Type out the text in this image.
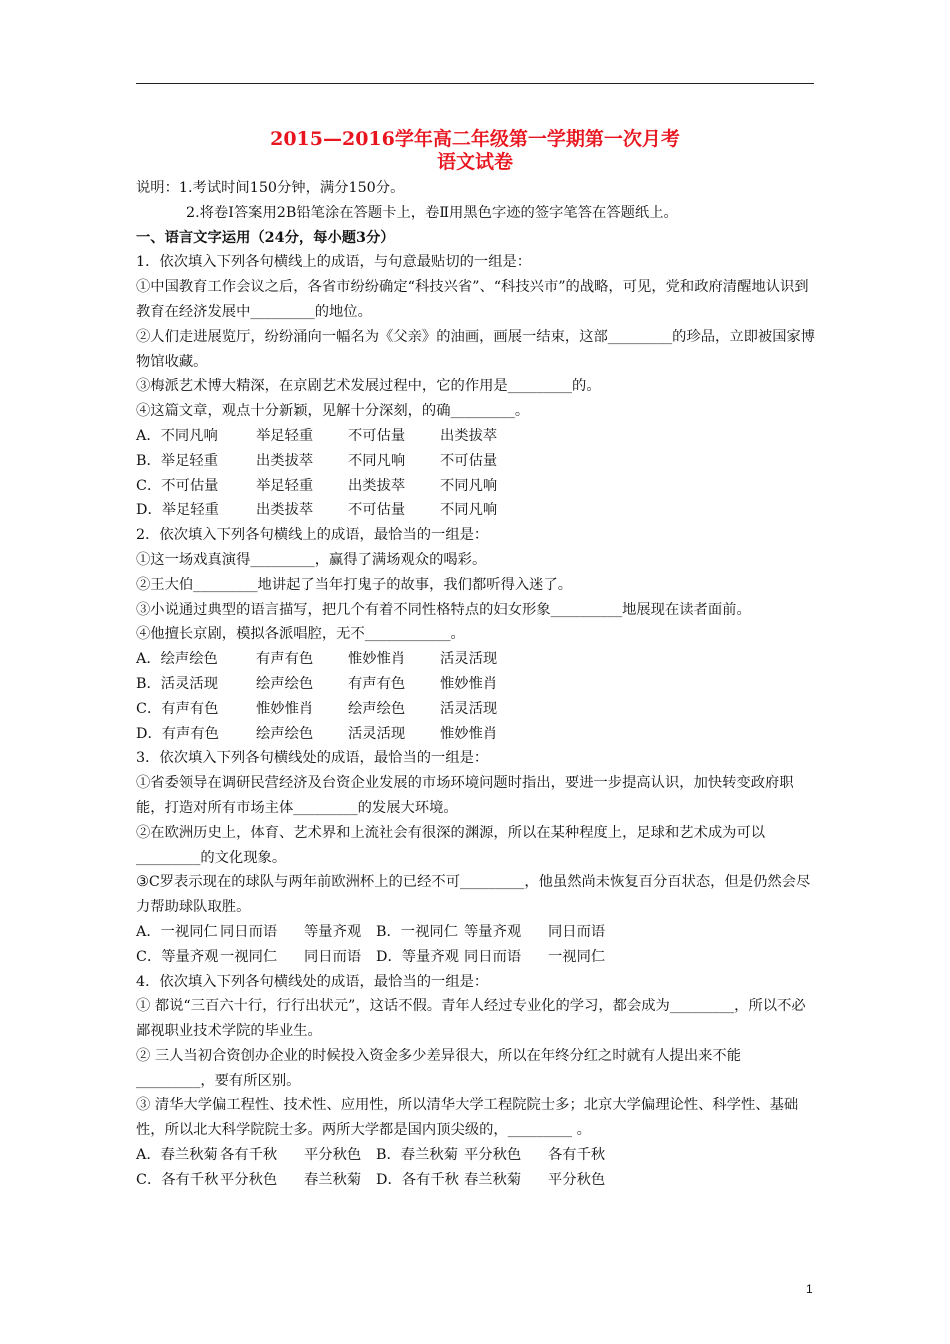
2015—2016学年高二年级第一学期第一次月考
语文试卷
说明：1.考试时间150分钟，满分150分。
2.将卷Ⅰ答案用2B铅笔涂在答题卡上，卷Ⅱ用黑色字迹的签字笔答在答题纸上。
一、语言文字运用（24分，每小题3分）
1．依次填入下列各句横线上的成语，与句意最贴切的一组是：
①中国教育工作会议之后，各省市纷纷确定“科技兴省”、“科技兴市”的战略，可见，党和政府清醒地认识到教育在经济发展中_________的地位。
②人们走进展览厅，纷纷涌向一幅名为《父亲》的油画，画展一结束，这部_________的珍品，立即被国家博物馆收藏。
③梅派艺术博大精深，在京剧艺术发展过程中，它的作用是_________的。
④这篇文章，观点十分新颖，见解十分深刻，的确_________。
A．不同凡响	举足轻重	不可估量	出类拔萃
B．举足轻重	出类拔萃	不同凡响	不可估量
C．不可估量	举足轻重	出类拔萃	不同凡响
D．举足轻重	出类拔萃	不可估量	不同凡响
2．依次填入下列各句横线上的成语，最恰当的一组是：
①这一场戏真演得_________，赢得了满场观众的喝彩。
②王大伯_________地讲起了当年打鬼子的故事，我们都听得入迷了。
③小说通过典型的语言描写，把几个有着不同性格特点的妇女形象__________地展现在读者面前。
④他擅长京剧，模拟各派唱腔，无不____________。
A．绘声绘色	有声有色	惟妙惟肖	活灵活现
B．活灵活现	绘声绘色	有声有色	惟妙惟肖
C．有声有色	惟妙惟肖	绘声绘色	活灵活现
D．有声有色	绘声绘色	活灵活现	惟妙惟肖
3．依次填入下列各句横线处的成语，最恰当的一组是：
①省委领导在调研民营经济及台资企业发展的市场环境问题时指出，要进一步提高认识，加快转变政府职能，打造对所有市场主体_________的发展大环境。
②在欧洲历史上，体育、艺术界和上流社会有很深的渊源，所以在某种程度上，足球和艺术成为可以_________的文化现象。
③C罗表示现在的球队与两年前欧洲杯上的已经不可_________，他虽然尚未恢复百分百状态，但是仍然会尽力帮助球队取胜。
A．一视同仁 同日而语	等量齐观	B．一视同仁 等量齐观	同日而语
C．等量齐观 一视同仁	同日而语	D．等量齐观 同日而语	一视同仁
4．依次填入下列各句横线处的成语，最恰当的一组是：
① 都说“三百六十行，行行出状元”，这话不假。青年人经过专业化的学习，都会成为_________，所以不必鄙视职业技术学院的毕业生。
② 三人当初合资创办企业的时候投入资金多少差异很大，所以在年终分红之时就有人提出来不能_________，要有所区别。
③ 清华大学偏工程性、技术性、应用性，所以清华大学工程院院士多；北京大学偏理论性、科学性、基础性，所以北大科学院院士多。两所大学都是国内顶尖级的，_________ 。
A．春兰秋菊 各有千秋	平分秋色	B．春兰秋菊 平分秋色	各有千秋
C．各有千秋 平分秋色	春兰秋菊	D．各有千秋 春兰秋菊	平分秋色
1
